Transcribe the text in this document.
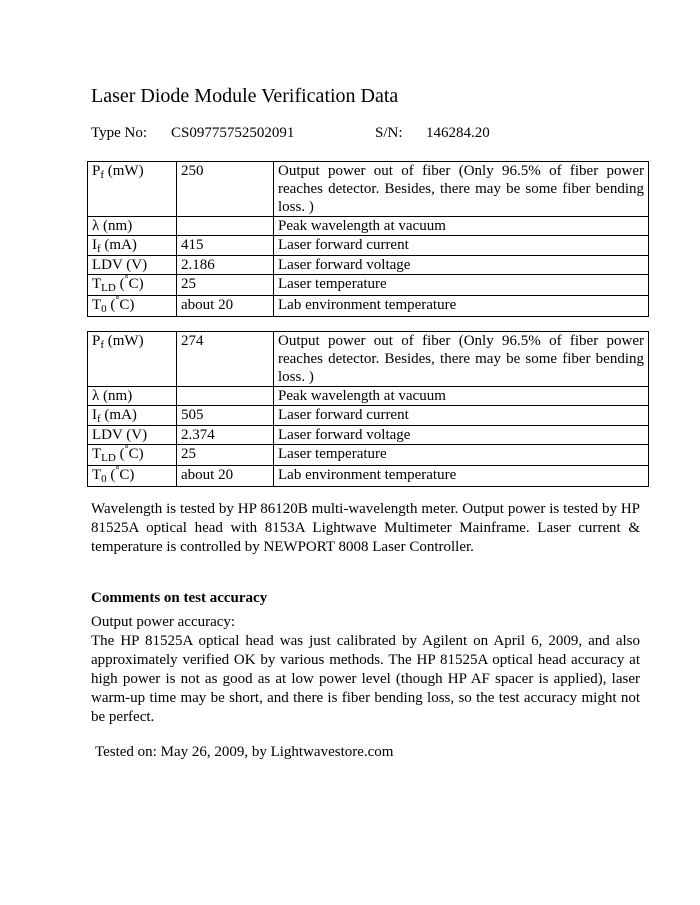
Laser Diode Module Verification Data
Type No: CS09775752502091	S/N: 146284.20
$P_f$ (mW)	250	Output power out of fiber (Only 96.5% of fiber power reaches detector. Besides, there may be some fiber bending loss. )
λ (nm)		Peak wavelength at vacuum
$I_f$ (mA)	415	Laser forward current
LDV (V)	2.186	Laser forward voltage
$T_{LD}$ (°C)	25	Laser temperature
$T_0$ (°C)	about 20	Lab environment temperature
$P_f$ (mW)	274	Output power out of fiber (Only 96.5% of fiber power reaches detector. Besides, there may be some fiber bending loss. )
λ (nm)		Peak wavelength at vacuum
$I_f$ (mA)	505	Laser forward current
LDV (V)	2.374	Laser forward voltage
$T_{LD}$ (°C)	25	Laser temperature
$T_0$ (°C)	about 20	Lab environment temperature
Wavelength is tested by HP 86120B multi-wavelength meter. Output power is tested by HP 81525A optical head with 8153A Lightwave Multimeter Mainframe. Laser current & temperature is controlled by NEWPORT 8008 Laser Controller.
Comments on test accuracy
Output power accuracy:
The HP 81525A optical head was just calibrated by Agilent on April 6, 2009, and also approximately verified OK by various methods. The HP 81525A optical head accuracy at high power is not as good as at low power level (though HP AF spacer is applied), laser warm-up time may be short, and there is fiber bending loss, so the test accuracy might not be perfect.
Tested on: May 26, 2009, by Lightwavestore.com
